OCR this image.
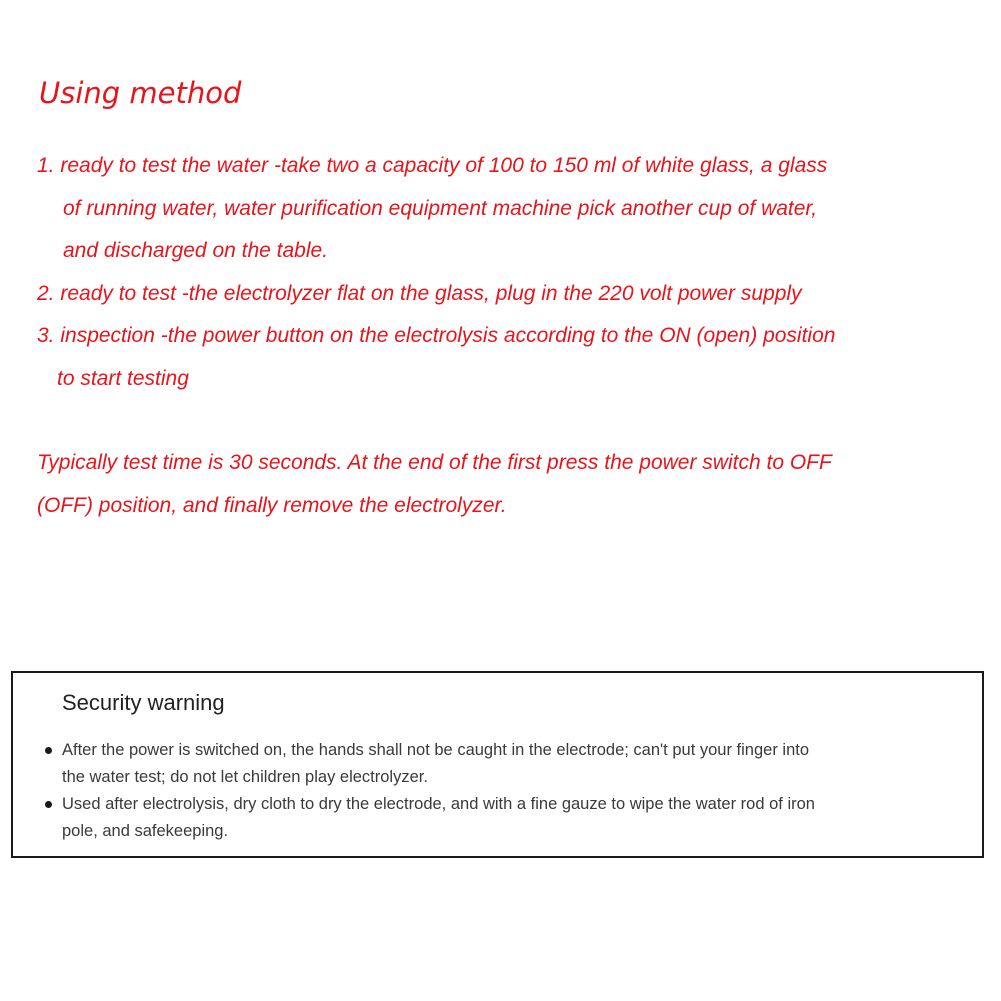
Using method
1. ready to test the water -take two a capacity of 100 to 150 ml of white glass, a glass
of running water, water purification equipment machine pick another cup of water,
and discharged on the table.
2. ready to test -the electrolyzer flat on the glass, plug in the 220 volt power supply
3. inspection -the power button on the electrolysis according to the ON (open) position
to start testing
Typically test time is 30 seconds. At the end of the first press the power switch to OFF
(OFF) position, and finally remove the electrolyzer.
Security warning
After the power is switched on, the hands shall not be caught in the electrode; can't put your finger into
the water test; do not let children play electrolyzer.
Used after electrolysis, dry cloth to dry the electrode, and with a fine gauze to wipe the water rod of iron
pole, and safekeeping.
